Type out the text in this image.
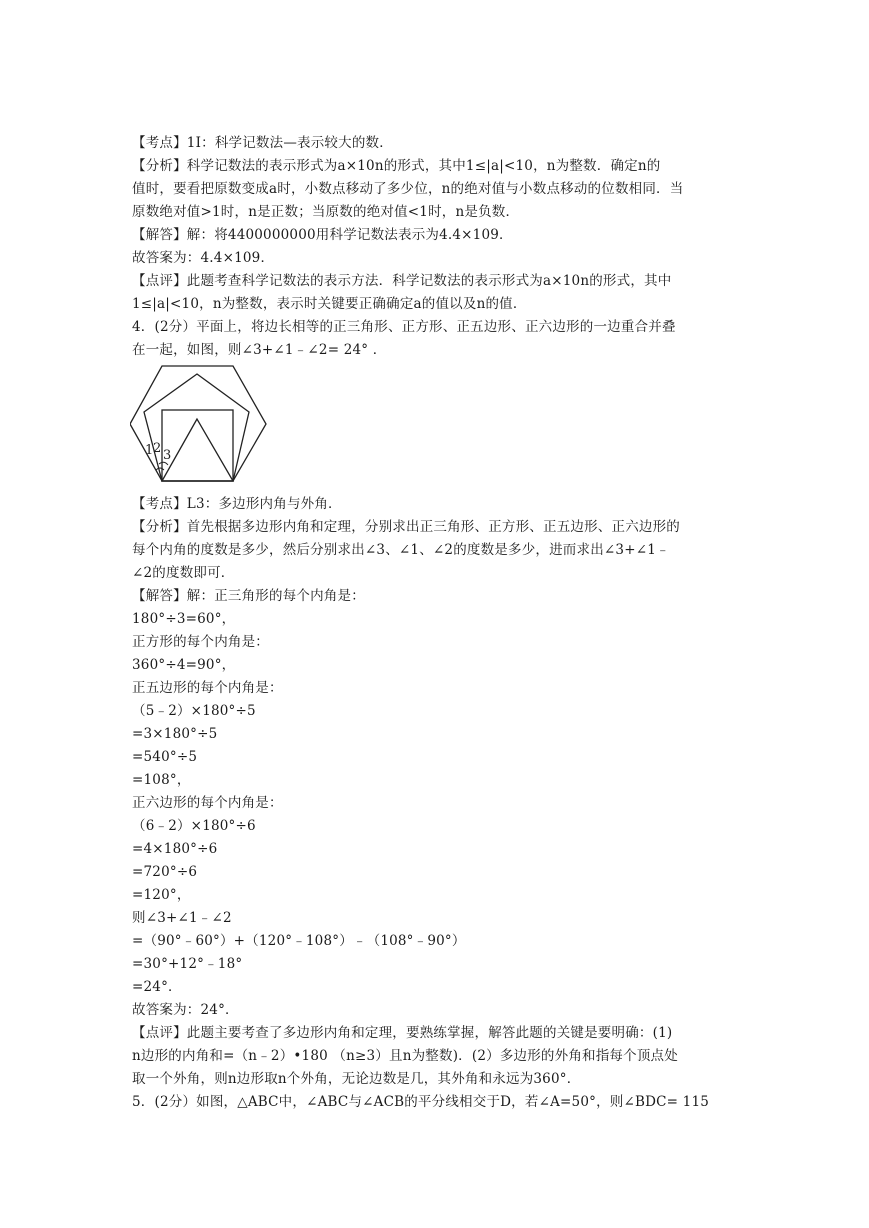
【考点】1I：科学记数法—表示较大的数．
【分析】科学记数法的表示形式为a×10n的形式，其中1≤|a|<10，n为整数．确定n的
值时，要看把原数变成a时，小数点移动了多少位，n的绝对值与小数点移动的位数相同．当
原数绝对值>1时，n是正数；当原数的绝对值<1时，n是负数．
【解答】解：将4400000000用科学记数法表示为4.4×109．
故答案为：4.4×109．
【点评】此题考查科学记数法的表示方法．科学记数法的表示形式为a×10n的形式，其中
1≤|a|<10，n为整数，表示时关键要正确确定a的值以及n的值．
4．(2分）平面上，将边长相等的正三角形、正方形、正五边形、正六边形的一边重合并叠
在一起，如图，则∠3+∠1﹣∠2= 24° ．
1 2 3
【考点】L3：多边形内角与外角．
【分析】首先根据多边形内角和定理，分别求出正三角形、正方形、正五边形、正六边形的
每个内角的度数是多少，然后分别求出∠3、∠1、∠2的度数是多少，进而求出∠3+∠1﹣
∠2的度数即可．
【解答】解：正三角形的每个内角是：
180°÷3=60°，
正方形的每个内角是：
360°÷4=90°，
正五边形的每个内角是：
（5﹣2）×180°÷5
=3×180°÷5
=540°÷5
=108°，
正六边形的每个内角是：
（6﹣2）×180°÷6
=4×180°÷6
=720°÷6
=120°，
则∠3+∠1﹣∠2
=（90°﹣60°）+（120°﹣108°）﹣（108°﹣90°）
=30°+12°﹣18°
=24°．
故答案为：24°．
【点评】此题主要考查了多边形内角和定理，要熟练掌握，解答此题的关键是要明确：(1)
n边形的内角和=（n﹣2）•180 （n≥3）且n为整数)．(2）多边形的外角和指每个顶点处
取一个外角，则n边形取n个外角，无论边数是几，其外角和永远为360°．
5．(2分）如图，△ABC中，∠ABC与∠ACB的平分线相交于D，若∠A=50°，则∠BDC= 115
